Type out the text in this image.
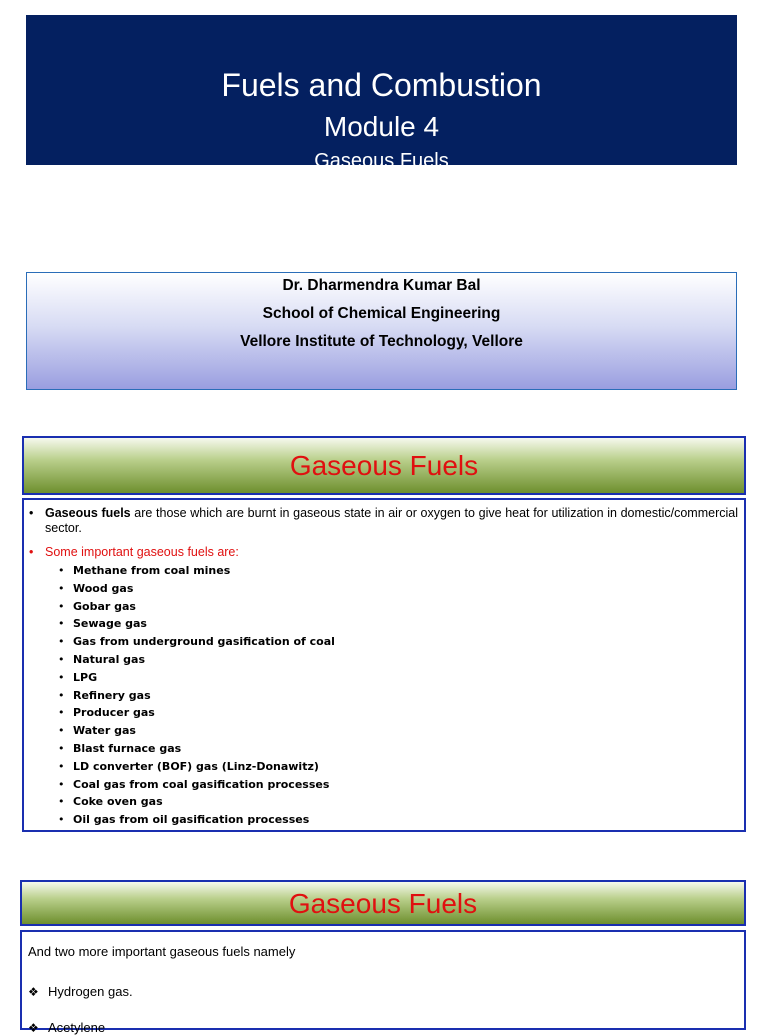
Fuels and Combustion
Module 4
Gaseous Fuels
Dr. Dharmendra Kumar Bal
School of Chemical Engineering
Vellore Institute of Technology, Vellore
Gaseous Fuels
• Gaseous fuels are those which are burnt in gaseous state in air or oxygen to give heat for utilization in domestic/commercial sector.
• Some important gaseous fuels are:
• Methane from coal mines
• Wood gas
• Gobar gas
• Sewage gas
• Gas from underground gasification of coal
• Natural gas
• LPG
• Refinery gas
• Producer gas
• Water gas
• Blast furnace gas
• LD converter (BOF) gas (Linz-Donawitz)
• Coal gas from coal gasification processes
• Coke oven gas
• Oil gas from oil gasification processes
Gaseous Fuels
And two more important gaseous fuels namely
❖ Hydrogen gas.
❖ Acetylene
